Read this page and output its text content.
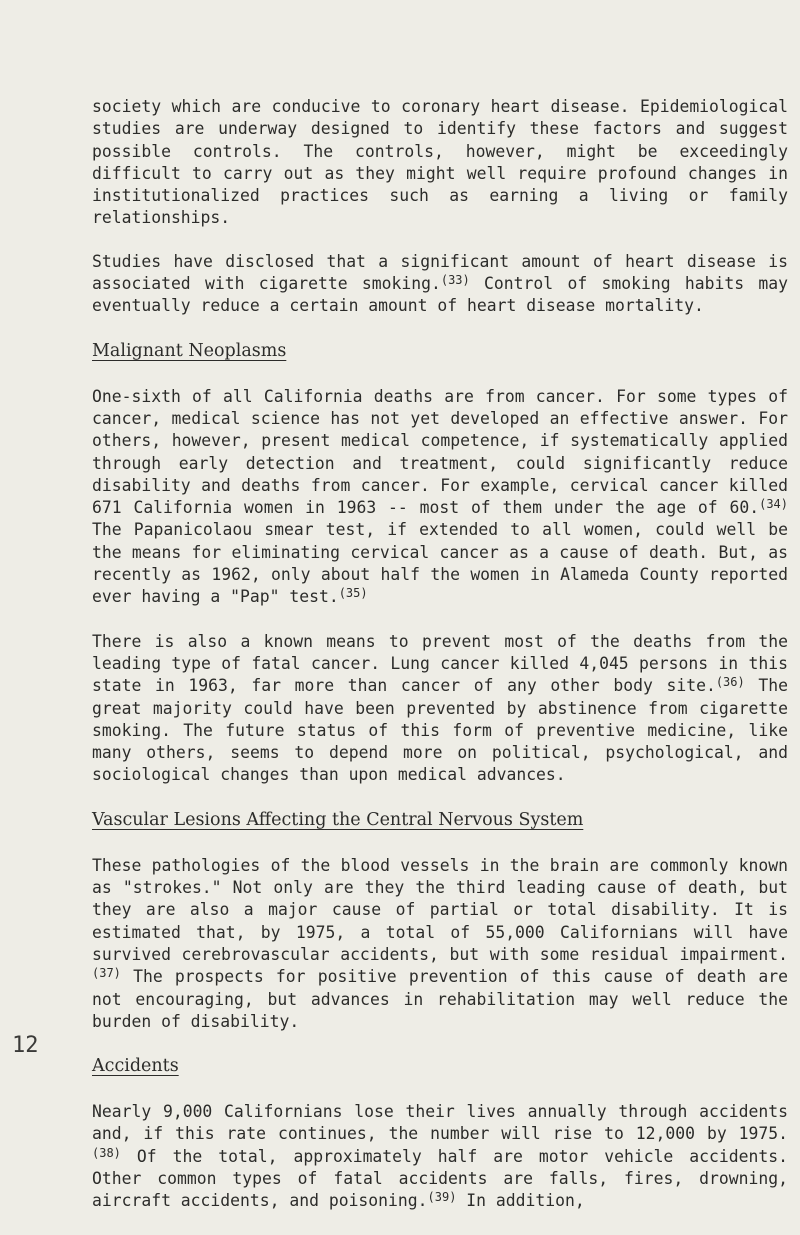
society which are conducive to coronary heart disease. Epidemiological studies are underway designed to identify these factors and suggest possible controls. The controls, however, might be exceedingly difficult to carry out as they might well require profound changes in institutionalized practices such as earning a living or family relationships.

Studies have disclosed that a significant amount of heart disease is associated with cigarette smoking.$^{(33)}$ Control of smoking habits may eventually reduce a certain amount of heart disease mortality.

Malignant Neoplasms

One-sixth of all California deaths are from cancer. For some types of cancer, medical science has not yet developed an effective answer. For others, however, present medical competence, if systematically applied through early detection and treatment, could significantly reduce disability and deaths from cancer. For example, cervical cancer killed 671 California women in 1963 -- most of them under the age of 60.$^{(34)}$ The Papanicolaou smear test, if extended to all women, could well be the means for eliminating cervical cancer as a cause of death. But, as recently as 1962, only about half the women in Alameda County reported ever having a "Pap" test.$^{(35)}$

There is also a known means to prevent most of the deaths from the leading type of fatal cancer. Lung cancer killed 4,045 persons in this state in 1963, far more than cancer of any other body site.$^{(36)}$ The great majority could have been prevented by abstinence from cigarette smoking. The future status of this form of preventive medicine, like many others, seems to depend more on political, psychological, and sociological changes than upon medical advances.

Vascular Lesions Affecting the Central Nervous System

These pathologies of the blood vessels in the brain are commonly known as "strokes." Not only are they the third leading cause of death, but they are also a major cause of partial or total disability. It is estimated that, by 1975, a total of 55,000 Californians will have survived cerebrovascular accidents, but with some residual impairment.$^{(37)}$ The prospects for positive prevention of this cause of death are not encouraging, but advances in rehabilitation may well reduce the burden of disability.

Accidents

Nearly 9,000 Californians lose their lives annually through accidents and, if this rate continues, the number will rise to 12,000 by 1975.$^{(38)}$ Of the total, approximately half are motor vehicle accidents. Other common types of fatal accidents are falls, fires, drowning, aircraft accidents, and poisoning.$^{(39)}$ In addition,

12
